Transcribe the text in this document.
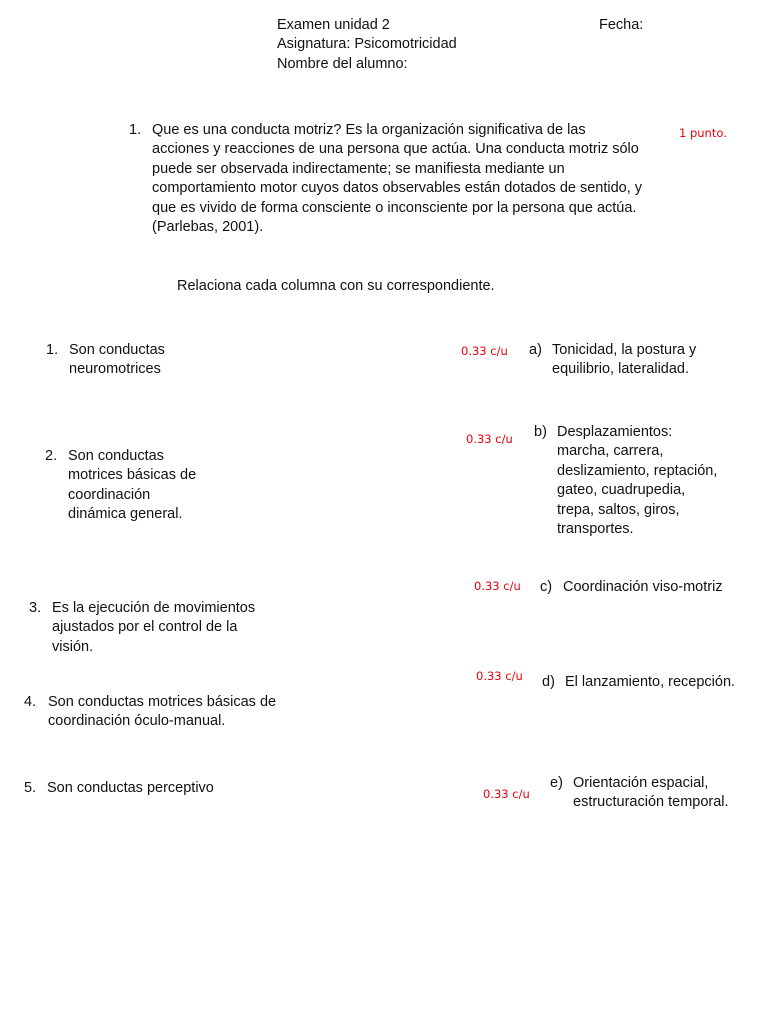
Examen unidad 2
Asignatura: Psicomotricidad
Nombre del alumno:
Fecha:
1. Que es una conducta motriz? Es la organización significativa de las
acciones y reacciones de una persona que actúa. Una conducta motriz sólo
puede ser observada indirectamente; se manifiesta mediante un
comportamiento motor cuyos datos observables están dotados de sentido, y
que es vivido de forma consciente o inconsciente por la persona que actúa.
(Parlebas, 2001).
1 punto.
Relaciona cada columna con su correspondiente.
1. Son conductas
neuromotrices
2. Son conductas
motrices básicas de
coordinación
dinámica general.
3. Es la ejecución de movimientos
ajustados por el control de la
visión.
4. Son conductas motrices básicas de
coordinación óculo-manual.
5. Son conductas perceptivo
0.33 c/u
0.33 c/u
0.33 c/u
0.33 c/u
0.33 c/u
a) Tonicidad, la postura y
equilibrio, lateralidad.
b) Desplazamientos:
marcha, carrera,
deslizamiento, reptación,
gateo, cuadrupedia,
trepa, saltos, giros,
transportes.
c) Coordinación viso-motriz
d) El lanzamiento, recepción.
e) Orientación espacial,
estructuración temporal.
